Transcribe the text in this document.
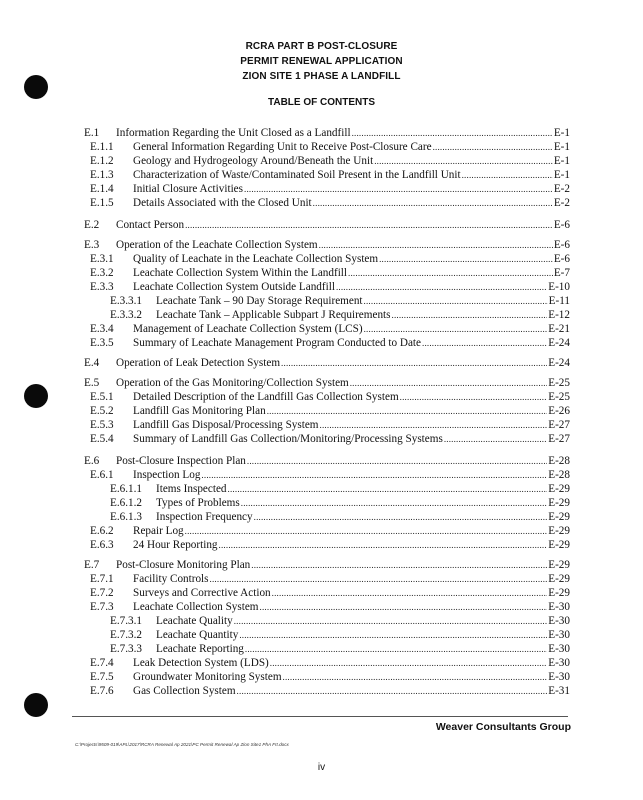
RCRA PART B POST-CLOSURE
PERMIT RENEWAL APPLICATION
ZION SITE 1 PHASE A LANDFILL
TABLE OF CONTENTS
E.1	Information Regarding the Unit Closed as a Landfill .....	E-1
E.1.1	General Information Regarding Unit to Receive Post-Closure Care .....	E-1
E.1.2	Geology and Hydrogeology Around/Beneath the Unit .....	E-1
E.1.3	Characterization of Waste/Contaminated Soil Present in the Landfill Unit .....	E-1
E.1.4	Initial Closure Activities .....	E-2
E.1.5	Details Associated with the Closed Unit .....	E-2
E.2	Contact Person .....	E-6
E.3	Operation of the Leachate Collection System .....	E-6
E.3.1	Quality of Leachate in the Leachate Collection System .....	E-6
E.3.2	Leachate Collection System Within the Landfill .....	E-7
E.3.3	Leachate Collection System Outside Landfill .....	E-10
E.3.3.1	Leachate Tank – 90 Day Storage Requirement .....	E-11
E.3.3.2	Leachate Tank – Applicable Subpart J Requirements .....	E-12
E.3.4	Management of Leachate Collection System (LCS) .....	E-21
E.3.5	Summary of Leachate Management Program Conducted to Date .....	E-24
E.4	Operation of Leak Detection System .....	E-24
E.5	Operation of the Gas Monitoring/Collection System .....	E-25
E.5.1	Detailed Description of the Landfill Gas Collection System .....	E-25
E.5.2	Landfill Gas Monitoring Plan .....	E-26
E.5.3	Landfill Gas Disposal/Processing System .....	E-27
E.5.4	Summary of Landfill Gas Collection/Monitoring/Processing Systems .....	E-27
E.6	Post-Closure Inspection Plan .....	E-28
E.6.1	Inspection Log .....	E-28
E.6.1.1	Items Inspected .....	E-29
E.6.1.2	Types of Problems .....	E-29
E.6.1.3	Inspection Frequency .....	E-29
E.6.2	Repair Log .....	E-29
E.6.3	24 Hour Reporting .....	E-29
E.7	Post-Closure Monitoring Plan .....	E-29
E.7.1	Facility Controls .....	E-29
E.7.2	Surveys and Corrective Action .....	E-29
E.7.3	Leachate Collection System .....	E-30
E.7.3.1	Leachate Quality .....	E-30
E.7.3.2	Leachate Quantity .....	E-30
E.7.3.3	Leachate Reporting .....	E-30
E.7.4	Leak Detection System (LDS) .....	E-30
E.7.5	Groundwater Monitoring System .....	E-30
E.7.6	Gas Collection System .....	E-31
Weaver Consultants Group
C:\Projects\9509-019\APL\2017\RCRA Renewal Ap 2021\PC Permit Renewal Ap Zion Site1 PhA Frt.docx
iv
